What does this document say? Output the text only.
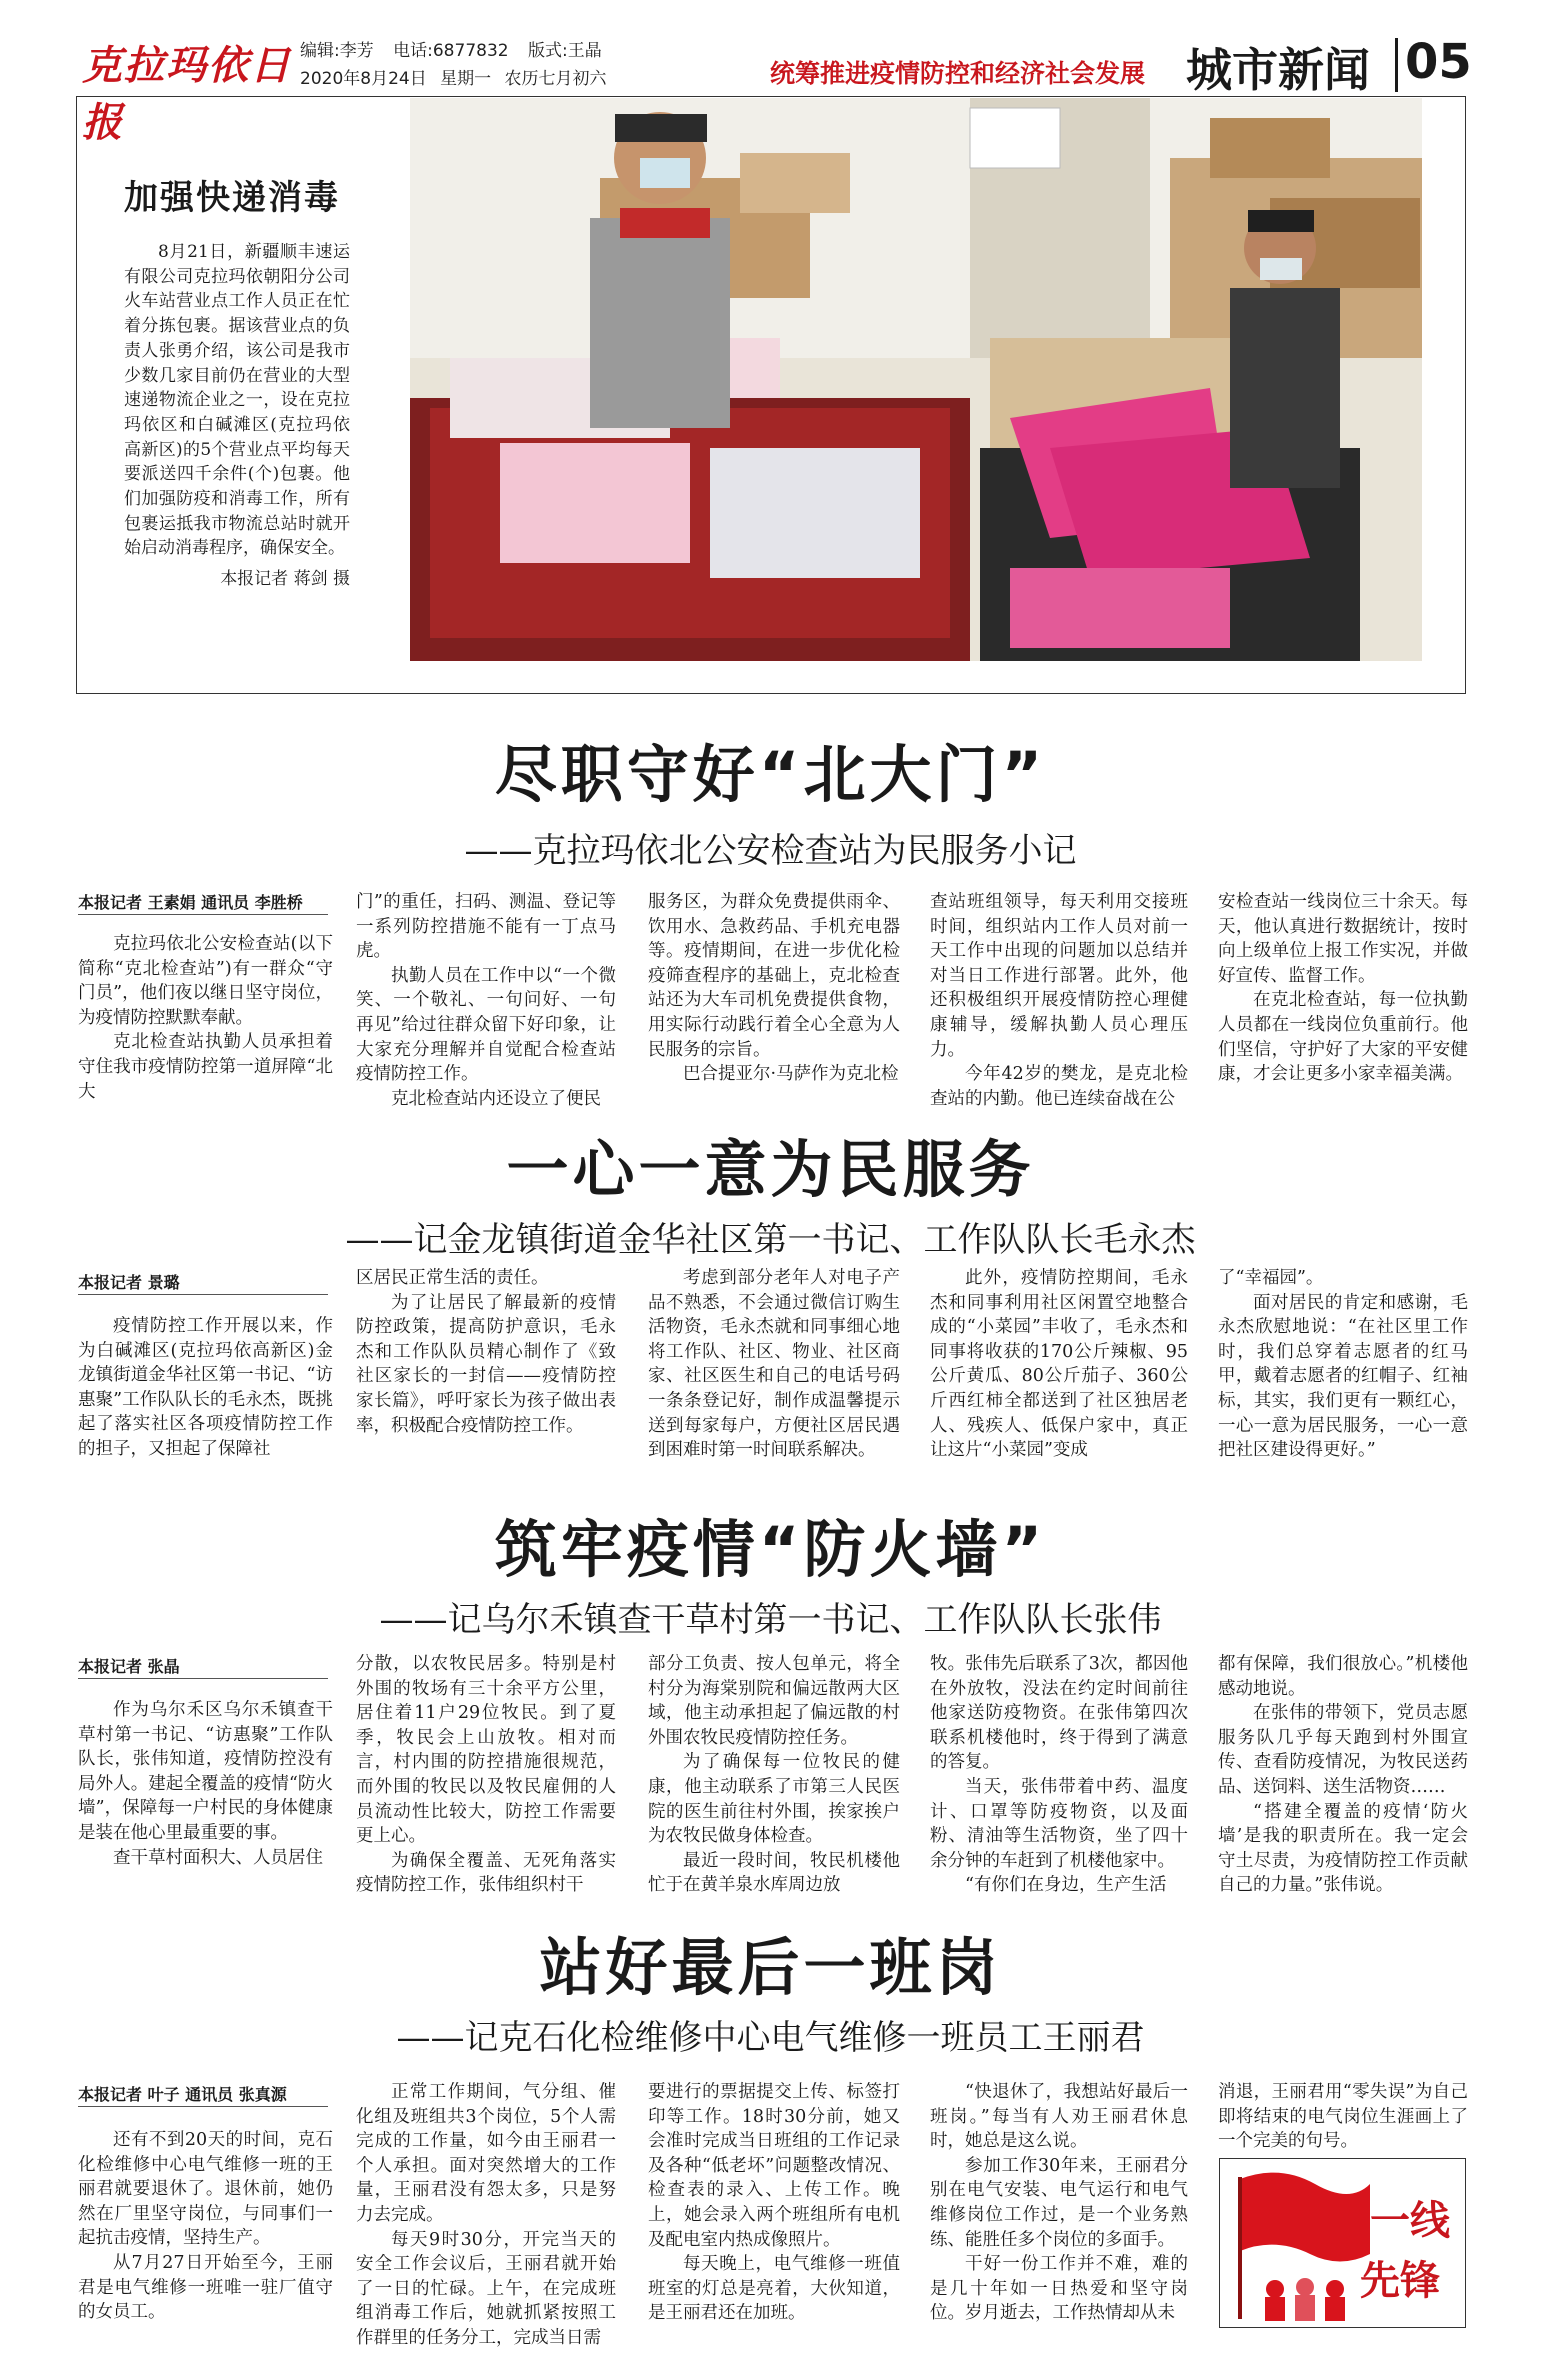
克拉玛依日报
编辑:李芳 电话:6877832 版式:王晶
2020年8月24日 星期一 农历七月初六	统筹推进疫情防控和经济社会发展 城市新闻 05
加强快递消毒
8月21日，新疆顺丰速运有限公司克拉玛依朝阳分公司火车站营业点工作人员正在忙着分拣包裹。据该营业点的负责人张勇介绍，该公司是我市少数几家目前仍在营业的大型速递物流企业之一，设在克拉玛依区和白碱滩区(克拉玛依高新区)的5个营业点平均每天要派送四千余件(个)包裹。他们加强防疫和消毒工作，所有包裹运抵我市物流总站时就开始启动消毒程序，确保安全。
本报记者 蒋剑 摄
尽职守好“北大门”
——克拉玛依北公安检查站为民服务小记
本报记者 王素娟 通讯员 李胜桥

克拉玛依北公安检查站(以下简称“克北检查站”)有一群众“守门员”，他们夜以继日坚守岗位，为疫情防控默默奉献。

克北检查站执勤人员承担着守住我市疫情防控第一道屏障“北大

门”的重任，扫码、测温、登记等一系列防控措施不能有一丁点马虎。

执勤人员在工作中以“一个微笑、一个敬礼、一句问好、一句再见”给过往群众留下好印象，让大家充分理解并自觉配合检查站疫情防控工作。

克北检查站内还设立了便民

服务区，为群众免费提供雨伞、饮用水、急救药品、手机充电器等。疫情期间，在进一步优化检疫筛查程序的基础上，克北检查站还为大车司机免费提供食物，用实际行动践行着全心全意为人民服务的宗旨。

巴合提亚尔·马萨作为克北检

查站班组领导，每天利用交接班时间，组织站内工作人员对前一天工作中出现的问题加以总结并对当日工作进行部署。此外，他还积极组织开展疫情防控心理健康辅导，缓解执勤人员心理压力。

今年42岁的樊龙，是克北检查站的内勤。他已连续奋战在公

安检查站一线岗位三十余天。每天，他认真进行数据统计，按时向上级单位上报工作实况，并做好宣传、监督工作。

在克北检查站，每一位执勤人员都在一线岗位负重前行。他们坚信，守护好了大家的平安健康，才会让更多小家幸福美满。

一心一意为民服务
——记金龙镇街道金华社区第一书记、工作队队长毛永杰
本报记者 景璐

疫情防控工作开展以来，作为白碱滩区(克拉玛依高新区)金龙镇街道金华社区第一书记、“访惠聚”工作队队长的毛永杰，既挑起了落实社区各项疫情防控工作的担子，又担起了保障社

区居民正常生活的责任。

为了让居民了解最新的疫情防控政策，提高防护意识，毛永杰和工作队队员精心制作了《致社区家长的一封信——疫情防控家长篇》，呼吁家长为孩子做出表率，积极配合疫情防控工作。

考虑到部分老年人对电子产品不熟悉，不会通过微信订购生活物资，毛永杰就和同事细心地将工作队、社区、物业、社区商家、社区医生和自己的电话号码一条条登记好，制作成温馨提示送到每家每户，方便社区居民遇到困难时第一时间联系解决。

此外，疫情防控期间，毛永杰和同事利用社区闲置空地整合成的“小菜园”丰收了，毛永杰和同事将收获的170公斤辣椒、95公斤黄瓜、80公斤茄子、360公斤西红柿全都送到了社区独居老人、残疾人、低保户家中，真正让这片“小菜园”变成

了“幸福园”。

面对居民的肯定和感谢，毛永杰欣慰地说：“在社区里工作时，我们总穿着志愿者的红马甲，戴着志愿者的红帽子、红袖标，其实，我们更有一颗红心，一心一意为居民服务，一心一意把社区建设得更好。”

筑牢疫情“防火墙”
——记乌尔禾镇查干草村第一书记、工作队队长张伟
本报记者 张晶

作为乌尔禾区乌尔禾镇查干草村第一书记、“访惠聚”工作队队长，张伟知道，疫情防控没有局外人。建起全覆盖的疫情“防火墙”，保障每一户村民的身体健康是装在他心里最重要的事。

查干草村面积大、人员居住

分散，以农牧民居多。特别是村外围的牧场有三十余平方公里，居住着11户29位牧民。到了夏季，牧民会上山放牧。相对而言，村内围的防控措施很规范，而外围的牧民以及牧民雇佣的人员流动性比较大，防控工作需要更上心。

为确保全覆盖、无死角落实疫情防控工作，张伟组织村干

部分工负责、按人包单元，将全村分为海棠别院和偏远散两大区域，他主动承担起了偏远散的村外围农牧民疫情防控任务。

为了确保每一位牧民的健康，他主动联系了市第三人民医院的医生前往村外围，挨家挨户为农牧民做身体检查。

最近一段时间，牧民机楼他忙于在黄羊泉水库周边放

牧。张伟先后联系了3次，都因他在外放牧，没法在约定时间前往他家送防疫物资。在张伟第四次联系机楼他时，终于得到了满意的答复。

当天，张伟带着中药、温度计、口罩等防疫物资，以及面粉、清油等生活物资，坐了四十余分钟的车赶到了机楼他家中。

“有你们在身边，生产生活

都有保障，我们很放心。”机楼他感动地说。

在张伟的带领下，党员志愿服务队几乎每天跑到村外围宣传、查看防疫情况，为牧民送药品、送饲料、送生活物资……

“搭建全覆盖的疫情‘防火墙’是我的职责所在。我一定会守土尽责，为疫情防控工作贡献自己的力量。”张伟说。

站好最后一班岗
——记克石化检维修中心电气维修一班员工王丽君
本报记者 叶子 通讯员 张真源

还有不到20天的时间，克石化检维修中心电气维修一班的王丽君就要退休了。退休前，她仍然在厂里坚守岗位，与同事们一起抗击疫情，坚持生产。

从7月27日开始至今，王丽君是电气维修一班唯一驻厂值守的女员工。

正常工作期间，气分组、催化组及班组共3个岗位，5个人需完成的工作量，如今由王丽君一个人承担。面对突然增大的工作量，王丽君没有怨太多，只是努力去完成。

每天9时30分，开完当天的安全工作会议后，王丽君就开始了一日的忙碌。上午，在完成班组消毒工作后，她就抓紧按照工作群里的任务分工，完成当日需

要进行的票据提交上传、标签打印等工作。18时30分前，她又会准时完成当日班组的工作记录及各种“低老坏”问题整改情况、检查表的录入、上传工作。晚上，她会录入两个班组所有电机及配电室内热成像照片。

每天晚上，电气维修一班值班室的灯总是亮着，大伙知道，是王丽君还在加班。

“快退休了，我想站好最后一班岗。”每当有人劝王丽君休息时，她总是这么说。

参加工作30年来，王丽君分别在电气安装、电气运行和电气维修岗位工作过，是一个业务熟练、能胜任多个岗位的多面手。

干好一份工作并不难，难的是几十年如一日热爱和坚守岗位。岁月逝去，工作热情却从未

消退，王丽君用“零失误”为自己即将结束的电气岗位生涯画上了一个完美的句号。

一线
先锋
